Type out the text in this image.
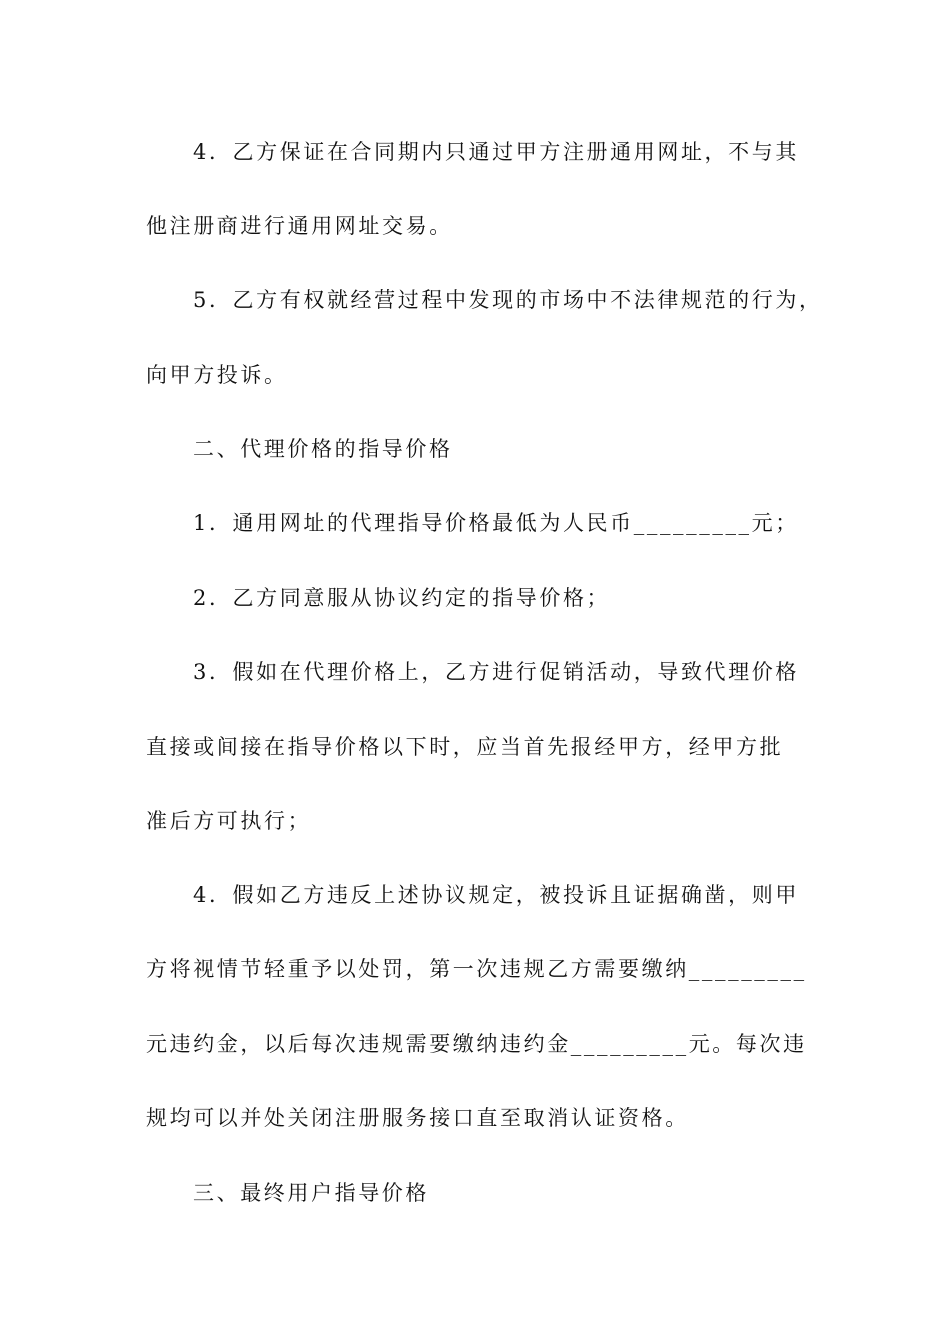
4．乙方保证在合同期内只通过甲方注册通用网址，不与其
他注册商进行通用网址交易。
5．乙方有权就经营过程中发现的市场中不法律规范的行为，
向甲方投诉。
二、代理价格的指导价格
1．通用网址的代理指导价格最低为人民币_________元；
2．乙方同意服从协议约定的指导价格；
3．假如在代理价格上，乙方进行促销活动，导致代理价格
直接或间接在指导价格以下时，应当首先报经甲方，经甲方批
准后方可执行；
4．假如乙方违反上述协议规定，被投诉且证据确凿，则甲
方将视情节轻重予以处罚，第一次违规乙方需要缴纳_________
元违约金，以后每次违规需要缴纳违约金_________元。每次违
规均可以并处关闭注册服务接口直至取消认证资格。
三、最终用户指导价格
